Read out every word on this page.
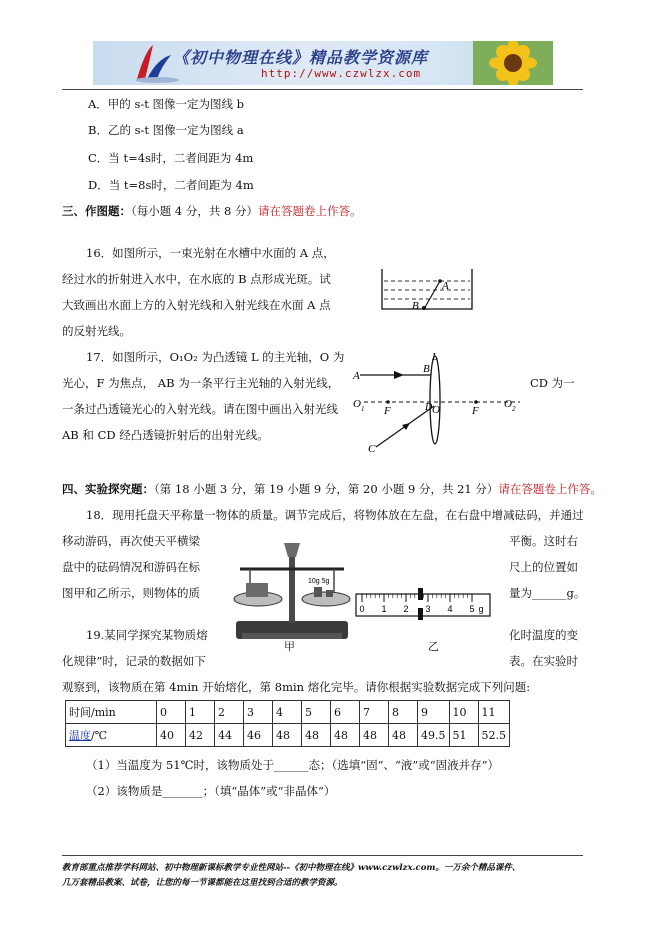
《初中物理在线》精品教学资源库
http://www.czwlzx.com
A．甲的 s-t 图像一定为图线 b
B．乙的 s-t 图像一定为图线 a
C．当 t=4s时，二者间距为 4m
D．当 t=8s时，二者间距为 4m
三、作图题：（每小题 4 分，共 8 分）请在答题卷上作答。
16．如图所示，一束光射在水槽中水面的 A 点，
经过水的折射进入水中，在水底的 B 点形成光斑。试
大致画出水面上方的入射光线和入射光线在水面 A 点
的反射光线。
A
B
17．如图所示，O₁O₂ 为凸透镜 L 的主光轴，O 为
光心，F 为焦点， AB 为一条平行主光轴的入射光线，	CD 为一
一条过凸透镜光心的入射光线。请在图中画出入射光线
AB 和 CD 经凸透镜折射后的出射光线。
A
B
L
O 1	O 2
F	F
O
D
C
四、实验探究题：（第 18 小题 3 分，第 19 小题 9 分，第 20 小题 9 分，共 21 分）请在答题卷上作答。
18．现用托盘天平称量一物体的质量。调节完成后，将物体放在左盘，在右盘中增减砝码，并通过
移动游码，再次使天平横梁
盘中的砝码情况和游码在标
图甲和乙所示，则物体的质
平衡。这时右
尺上的位置如
量为______g。
10g 5g
甲
0 1 2 3 4 5 g
乙
19.某同学探究某物质熔
化规律”时，记录的数据如下
化时温度的变
表。在实验时
观察到，该物质在第 4min 开始熔化，第 8min 熔化完毕。请你根据实验数据完成下列问题:
时间/min	0	1	2	3	4	5	6	7	8	9	10	11
温度/℃	40	42	44	46	48	48	48	48	48	49.5	51	52.5
（1）当温度为 51℃时，该物质处于______态；（选填“固”、“液”或“固液并存”）
（2）该物质是_______；（填“晶体”或“非晶体”）
教育部重点推荐学科网站、初中物理新课标教学专业性网站--《初中物理在线》www.czwlzx.com。一万余个精品课件、
几万套精品教案、试卷，让您的每一节课都能在这里找到合适的教学资源。
